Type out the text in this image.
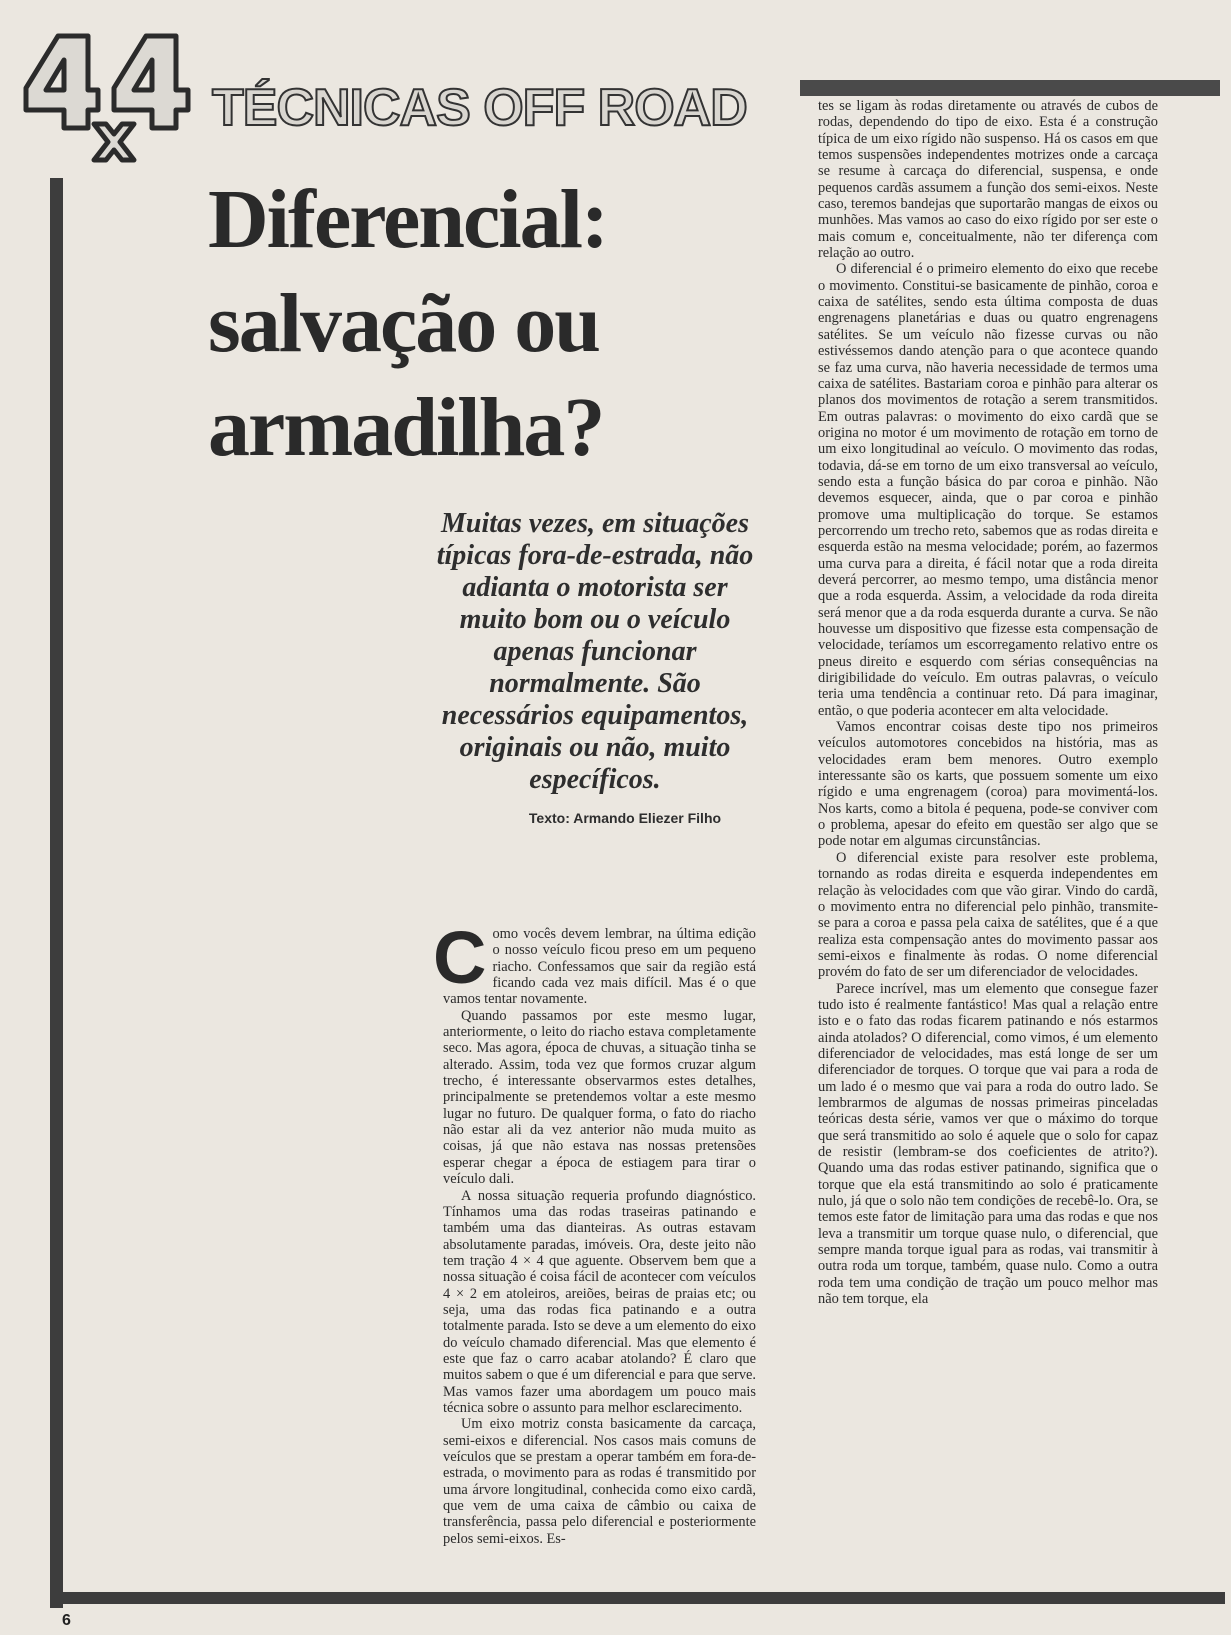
TÉCNICAS OFF ROAD
Diferencial:
salvação ou
armadilha?
Muitas vezes, em situações típicas fora-de-estrada, não adianta o motorista ser muito bom ou o veículo apenas funcionar normalmente. São necessários equipamentos, originais ou não, muito específicos.
Texto: Armando Eliezer Filho

Como vocês devem lembrar, na última edição o nosso veículo ficou preso em um pequeno riacho. Confessamos que sair da região está ficando cada vez mais difícil. Mas é o que vamos tentar novamente.

Quando passamos por este mesmo lugar, anteriormente, o leito do riacho estava completamente seco. Mas agora, época de chuvas, a situação tinha se alterado. Assim, toda vez que formos cruzar algum trecho, é interessante observarmos estes detalhes, principalmente se pretendemos voltar a este mesmo lugar no futuro. De qualquer forma, o fato do riacho não estar ali da vez anterior não muda muito as coisas, já que não estava nas nossas pretensões esperar chegar a época de estiagem para tirar o veículo dali.

A nossa situação requeria profundo diagnóstico. Tínhamos uma das rodas traseiras patinando e também uma das dianteiras. As outras estavam absolutamente paradas, imóveis. Ora, deste jeito não tem tração 4 × 4 que aguente. Observem bem que a nossa situação é coisa fácil de acontecer com veículos 4 × 2 em atoleiros, areiões, beiras de praias etc; ou seja, uma das rodas fica patinando e a outra totalmente parada. Isto se deve a um elemento do eixo do veículo chamado diferencial. Mas que elemento é este que faz o carro acabar atolando? É claro que muitos sabem o que é um diferencial e para que serve. Mas vamos fazer uma abordagem um pouco mais técnica sobre o assunto para melhor esclarecimento.

Um eixo motriz consta basicamente da carcaça, semi-eixos e diferencial. Nos casos mais comuns de veículos que se prestam a operar também em fora-de-estrada, o movimento para as rodas é transmitido por uma árvore longitudinal, conhecida como eixo cardã, que vem de uma caixa de câmbio ou caixa de transferência, passa pelo diferencial e posteriormente pelos semi-eixos. Es-

tes se ligam às rodas diretamente ou através de cubos de rodas, dependendo do tipo de eixo. Esta é a construção típica de um eixo rígido não suspenso. Há os casos em que temos suspensões independentes motrizes onde a carcaça se resume à carcaça do diferencial, suspensa, e onde pequenos cardãs assumem a função dos semi-eixos. Neste caso, teremos bandejas que suportarão mangas de eixos ou munhões. Mas vamos ao caso do eixo rígido por ser este o mais comum e, conceitualmente, não ter diferença com relação ao outro.

O diferencial é o primeiro elemento do eixo que recebe o movimento. Constitui-se basicamente de pinhão, coroa e caixa de satélites, sendo esta última composta de duas engrenagens planetárias e duas ou quatro engrenagens satélites. Se um veículo não fizesse curvas ou não estivéssemos dando atenção para o que acontece quando se faz uma curva, não haveria necessidade de termos uma caixa de satélites. Bastariam coroa e pinhão para alterar os planos dos movimentos de rotação a serem transmitidos. Em outras palavras: o movimento do eixo cardã que se origina no motor é um movimento de rotação em torno de um eixo longitudinal ao veículo. O movimento das rodas, todavia, dá-se em torno de um eixo transversal ao veículo, sendo esta a função básica do par coroa e pinhão. Não devemos esquecer, ainda, que o par coroa e pinhão promove uma multiplicação do torque. Se estamos percorrendo um trecho reto, sabemos que as rodas direita e esquerda estão na mesma velocidade; porém, ao fazermos uma curva para a direita, é fácil notar que a roda direita deverá percorrer, ao mesmo tempo, uma distância menor que a roda esquerda. Assim, a velocidade da roda direita será menor que a da roda esquerda durante a curva. Se não houvesse um dispositivo que fizesse esta compensação de velocidade, teríamos um escorregamento relativo entre os pneus direito e esquerdo com sérias consequências na dirigibilidade do veículo. Em outras palavras, o veículo teria uma tendência a continuar reto. Dá para imaginar, então, o que poderia acontecer em alta velocidade.

Vamos encontrar coisas deste tipo nos primeiros veículos automotores concebidos na história, mas as velocidades eram bem menores. Outro exemplo interessante são os karts, que possuem somente um eixo rígido e uma engrenagem (coroa) para movimentá-los. Nos karts, como a bitola é pequena, pode-se conviver com o problema, apesar do efeito em questão ser algo que se pode notar em algumas circunstâncias.

O diferencial existe para resolver este problema, tornando as rodas direita e esquerda independentes em relação às velocidades com que vão girar. Vindo do cardã, o movimento entra no diferencial pelo pinhão, transmite-se para a coroa e passa pela caixa de satélites, que é a que realiza esta compensação antes do movimento passar aos semi-eixos e finalmente às rodas. O nome diferencial provém do fato de ser um diferenciador de velocidades.

Parece incrível, mas um elemento que consegue fazer tudo isto é realmente fantástico! Mas qual a relação entre isto e o fato das rodas ficarem patinando e nós estarmos ainda atolados? O diferencial, como vimos, é um elemento diferenciador de velocidades, mas está longe de ser um diferenciador de torques. O torque que vai para a roda de um lado é o mesmo que vai para a roda do outro lado. Se lembrarmos de algumas de nossas primeiras pinceladas teóricas desta série, vamos ver que o máximo do torque que será transmitido ao solo é aquele que o solo for capaz de resistir (lembram-se dos coeficientes de atrito?). Quando uma das rodas estiver patinando, significa que o torque que ela está transmitindo ao solo é praticamente nulo, já que o solo não tem condições de recebê-lo. Ora, se temos este fator de limitação para uma das rodas e que nos leva a transmitir um torque quase nulo, o diferencial, que sempre manda torque igual para as rodas, vai transmitir à outra roda um torque, também, quase nulo. Como a outra roda tem uma condição de tração um pouco melhor mas não tem torque, ela

6
